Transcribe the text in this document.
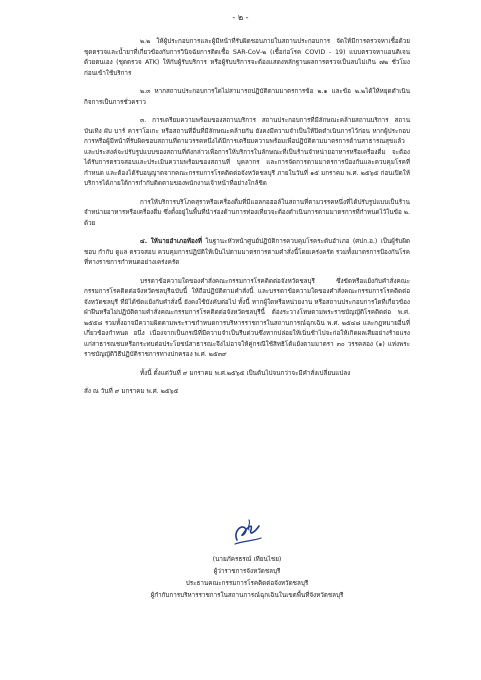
- ๒ -

๒.๒ ให้ผู้ประกอบการและผู้มีหน้าที่รับผิดชอบภายในสถานประกอบการ จัดให้มีการตรวจหาเชื้อด้วยชุดตรวจและน้ำยาที่เกี่ยวข้องกับการวินิจฉัยการติดเชื้อ SAR-CoV-๒ (เชื้อก่อโรค COVID - 19) แบบตรวจหาแอนติเจนด้วยตนเอง (ชุดตรวจ ATK) ให้กับผู้รับบริการ หรือผู้รับบริการจะต้องแสดงหลักฐานผลการตรวจเป็นลบไม่เกิน ๗๒ ชั่วโมงก่อนเข้าใช้บริการ

๒.๓ หากสถานประกอบการใดไม่สามารถปฏิบัติตามมาตรการข้อ ๒.๑ และข้อ ๒.๒ได้ให้หยุดดำเนินกิจการเป็นการชั่วคราว

๓. การเตรียมความพร้อมของสถานบริการ สถานประกอบการที่มีลักษณะคล้ายสถานบริการ สถานบันเทิง ผับ บาร์ คาราโอเกะ หรือสถานที่อื่นที่มีลักษณะคล้ายกัน ยังคงมีความจำเป็นให้ปิดดำเนินการไว้ก่อน หากผู้ประกอบการหรือผู้มีหน้าที่รับผิดชอบสถานที่ดามวรรคหนึ่งได้มีการเตรียมความพร้อมเพื่อปฏิบัติตามมาตรการด้านสาธารณสุขแล้ว และประสงค์จะปรับรูปแบบของสถานที่ดังกล่าวเพื่อการให้บริการในลักษณะที่เป็นร้านจำหน่ายอาหารหรือเครื่องดื่ม จะต้องได้รับการตรวจสอบและประเมินความพร้อมของสถานที่ บุคลากร และการจัดการตามมาตรการป้องกันและควบคุมโรคที่กำหนด และต้องได้รับอนุญาตจากคณะกรรมการโรคติดต่อจังหวัดชลบุรี ภายในวันที่ ๑๕ มกราคม พ.ศ. ๒๕๖๕ ก่อนเปิดให้บริการได้ภายใต้การกำกับติดตามของพนักงานเจ้าหน้าที่อย่างใกล้ชิด

การให้บริการบริโภคสุราหรือเครื่องดื่มที่มีแอลกอฮอล์ในสถานที่ตามวรรคหนึ่งที่ได้ปรับรูปแบบเป็นร้านจำหน่ายอาหารหรือเครื่องดื่ม ซึ่งตั้งอยู่ในพื้นที่นำร่องด้านการท่องเที่ยวจะต้องดำเนินการตามมาตรการที่กำหนดไว้ในข้อ ๒. ด้วย

๔. ให้นายอำเภอท้องที่ ในฐานะหัวหน้าศูนย์ปฏิบัติการควบคุมโรคระดับอำเภอ (ศปก.อ.) เป็นผู้รับผิดชอบ กำกับ ดูแล ตรวจสอบ ควบคุมการปฏิบัติให้เป็นไปตามมาตรการตามคำสั่งนี้โดยเคร่งครัด รวมทั้งมาตรการป้องกันโรคที่ทางราชการกำหนดอย่างเคร่งครัด

บรรดาข้อความใดของคำสั่งคณะกรรมการโรคติดต่อจังหวัดชลบุรี ซึ่งขัดหรือแย้งกับคำสั่งคณะกรรมการโรคติดต่อจังหวัดชลบุรีฉบับนี้ ให้ถือปฏิบัติตามคำสั่งนี้ และบรรดาข้อความใดของคำสั่งคณะกรรมการโรคติดต่อจังหวัดชลบุรี ที่มิได้ขัดแย้งกับคำสั่งนี้ ยังคงใช้บังคับต่อไป ทั้งนี้ หากผู้ใดหรือหน่วยงาน หรือสถานประกอบการใดที่เกี่ยวข้อง ฝ่าฝืนหรือไม่ปฏิบัติตามคำสั่งคณะกรรมการโรคติดต่อจังหวัดชลบุรีนี้ ต้องระวางโทษตามพระราชบัญญัติโรคติดต่อ พ.ศ. ๒๕๕๘ รวมทั้งอาจมีความผิดตามพระราชกำหนดการบริหารราชการในสถานการณ์ฉุกเฉิน พ.ศ. ๒๕๔๘ และกฎหมายอื่นที่เกี่ยวข้องกำหนด อนึ่ง เนื่องจากเป็นกรณีที่มีความจำเป็นรีบด่วนซึ่งหากปล่อยให้เนิ่นช้าไปจะก่อให้เกิดผลเสียอย่างร้ายแรงแก่สาธารณชนหรือกระทบต่อประโยชน์สาธารณะจึงไม่อาจให้คู่กรณีใช้สิทธิโต้แย้งตามมาตรา ๓๐ วรรคสอง (๑) แห่งพระราชบัญญัติวิธีปฏิบัติราชการทางปกครอง พ.ศ. ๒๕๓๙

ทั้งนี้ ตั้งแต่วันที่ ๙ มกราคม พ.ศ.๒๕๖๕ เป็นต้นไปจนกว่าจะมีคำสั่งเปลี่ยนแปลง

สั่ง ณ วันที่ ๙ มกราคม พ.ศ. ๒๕๖๕

(นายภัครธรณ์ เทียนไชย)
ผู้ว่าราชการจังหวัดชลบุรี
ประธานคณะกรรมการโรคติดต่อจังหวัดชลบุรี
ผู้กำกับการบริหารราชการในสถานการณ์ฉุกเฉินในเขตพื้นที่จังหวัดชลบุรี
